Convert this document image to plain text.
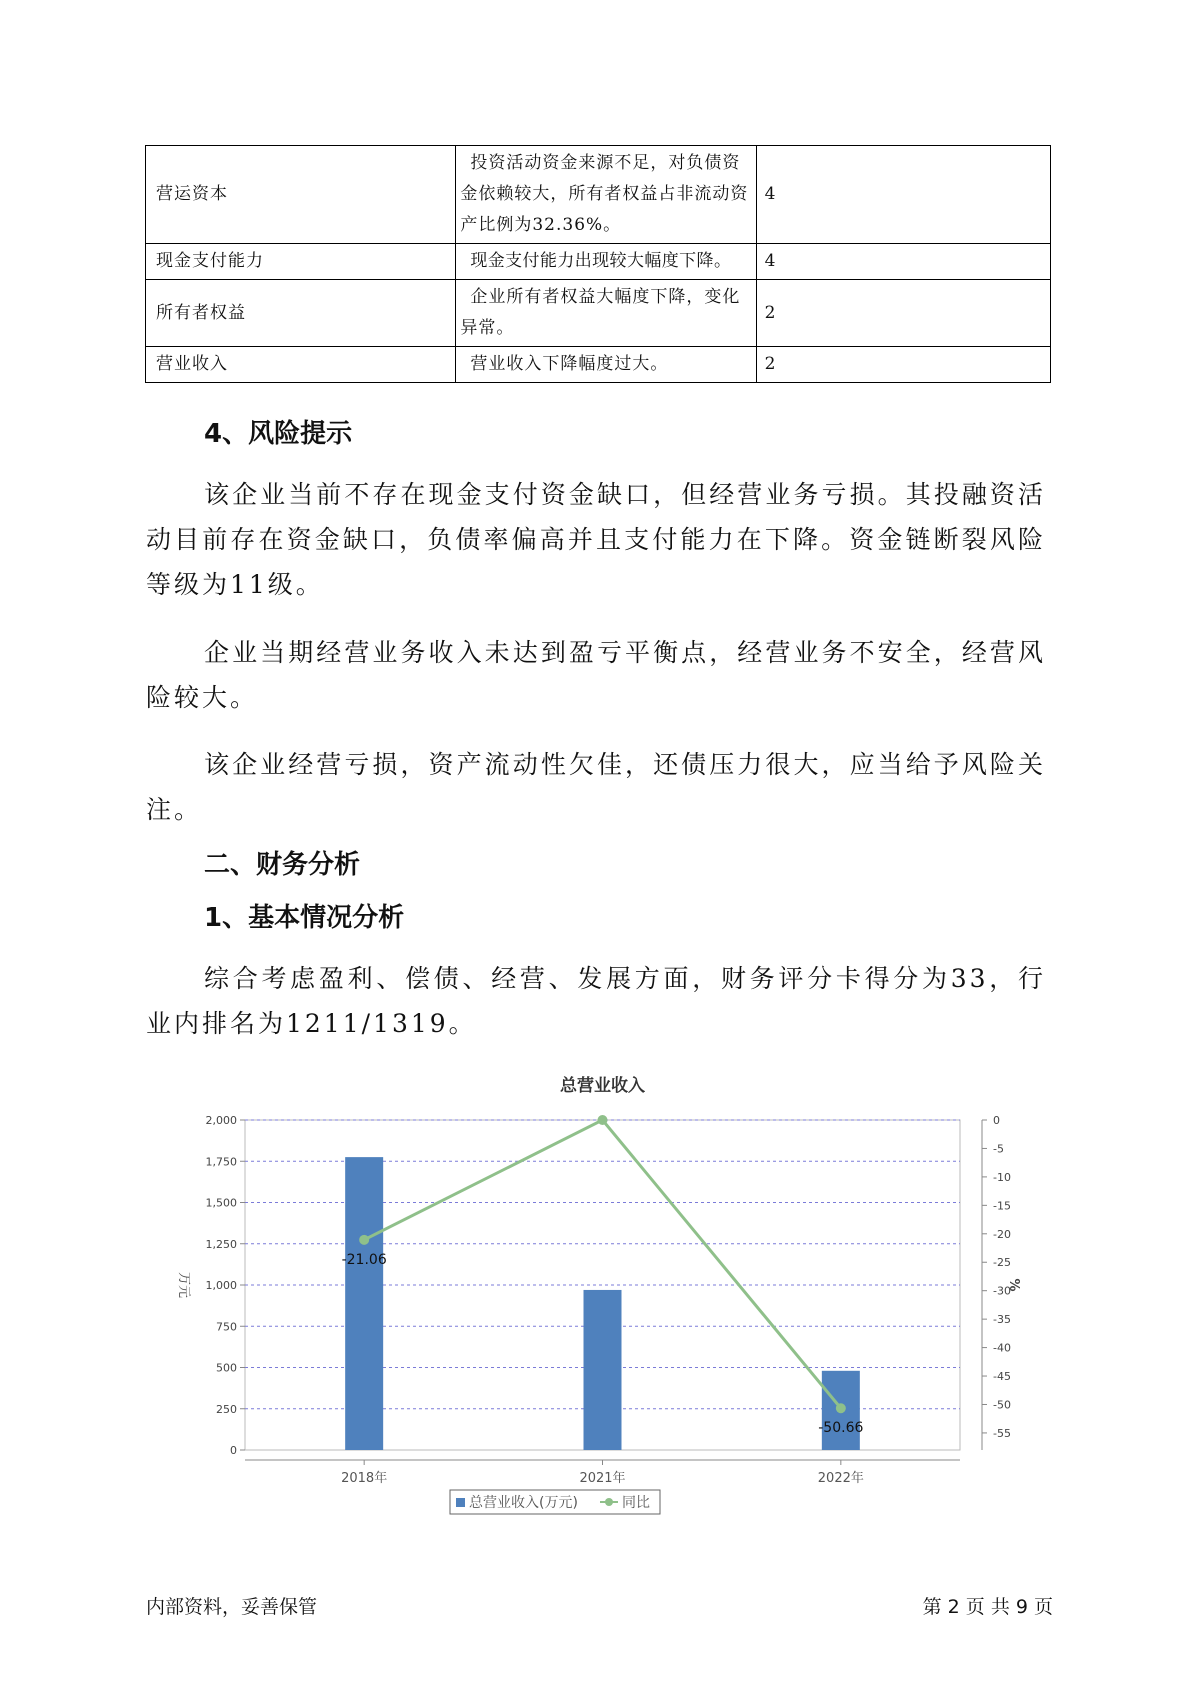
营运资本	投资活动资金来源不足，对负债资金依赖较大，所有者权益占非流动资产比例为32.36%。	4
现金支付能力	现金支付能力出现较大幅度下降。	4
所有者权益	企业所有者权益大幅度下降，变化异常。	2
营业收入	营业收入下降幅度过大。	2
4、风险提示
该企业当前不存在现金支付资金缺口，但经营业务亏损。其投融资活动目前存在资金缺口，负债率偏高并且支付能力在下降。资金链断裂风险等级为11级。
企业当期经营业务收入未达到盈亏平衡点，经营业务不安全，经营风险较大。
该企业经营亏损，资产流动性欠佳，还债压力很大，应当给予风险关注。
二、财务分析
1、基本情况分析
综合考虑盈利、偿债、经营、发展方面，财务评分卡得分为33，行业内排名为1211/1319。
总营业收入
0
250
500
750
1,000
1,250
1,500
1,750
2,000	0
-5
-10
-15
-20
-25
-30
-35
-40
-45
-50
-55
万元	%
2018年	2021年	2022年
-21.06
-50.66
总营业收入(万元)	同比
内部资料，妥善保管	第 2 页 共 9 页
